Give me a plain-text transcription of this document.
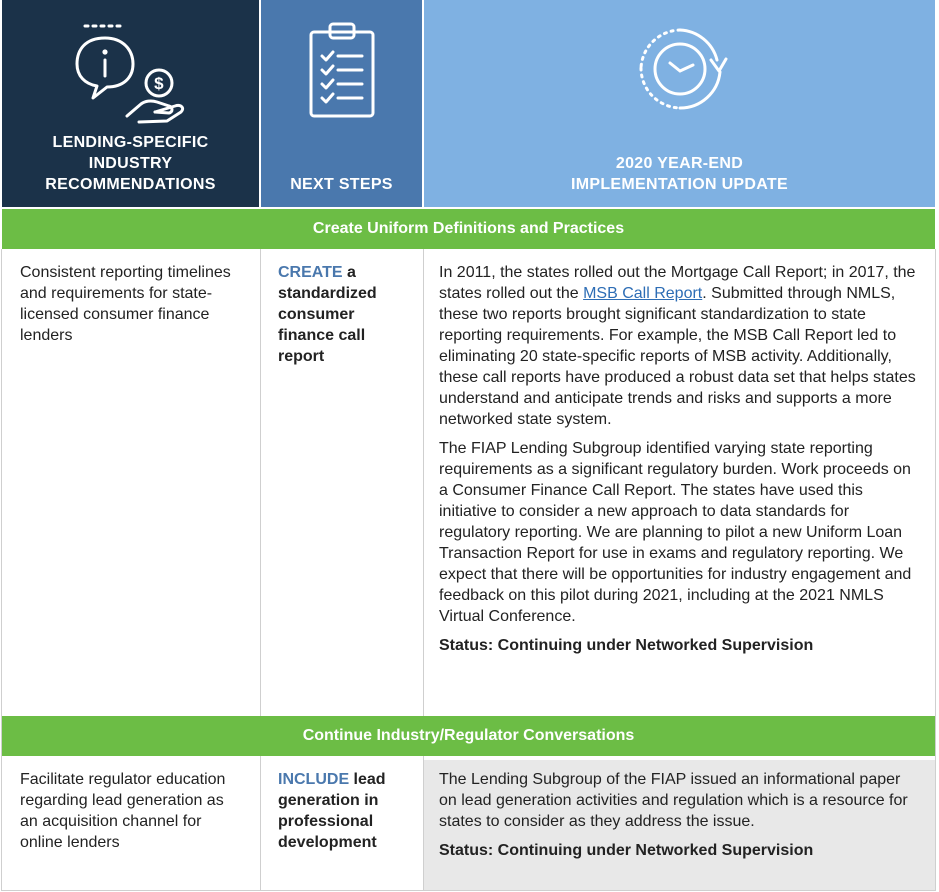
$
LENDING-SPECIFIC
INDUSTRY
RECOMMENDATIONS	NEXT STEPS
2020 YEAR-END
IMPLEMENTATION UPDATE
Create Uniform Definitions and Practices
Consistent reporting timelines and requirements for state-licensed consumer finance lenders
CREATE a standardized consumer finance call report

In 2011, the states rolled out the Mortgage Call Report; in 2017, the states rolled out the MSB Call Report. Submitted through NMLS, these two reports brought significant standardization to state reporting requirements. For example, the MSB Call Report led to eliminating 20 state-specific reports of MSB activity. Additionally, these call reports have produced a robust data set that helps states understand and anticipate trends and risks and supports a more networked state system.

The FIAP Lending Subgroup identified varying state reporting requirements as a significant regulatory burden. Work proceeds on a Consumer Finance Call Report. The states have used this initiative to consider a new approach to data standards for regulatory reporting. We are planning to pilot a new Uniform Loan Transaction Report for use in exams and regulatory reporting. We expect that there will be opportunities for industry engagement and feedback on this pilot during 2021, including at the 2021 NMLS Virtual Conference.

Status: Continuing under Networked Supervision

Continue Industry/Regulator Conversations
Facilitate regulator education regarding lead generation as an acquisition channel for online lenders
INCLUDE lead generation in professional development

The Lending Subgroup of the FIAP issued an informational paper on lead generation activities and regulation which is a resource for states to consider as they address the issue.

Status: Continuing under Networked Supervision
